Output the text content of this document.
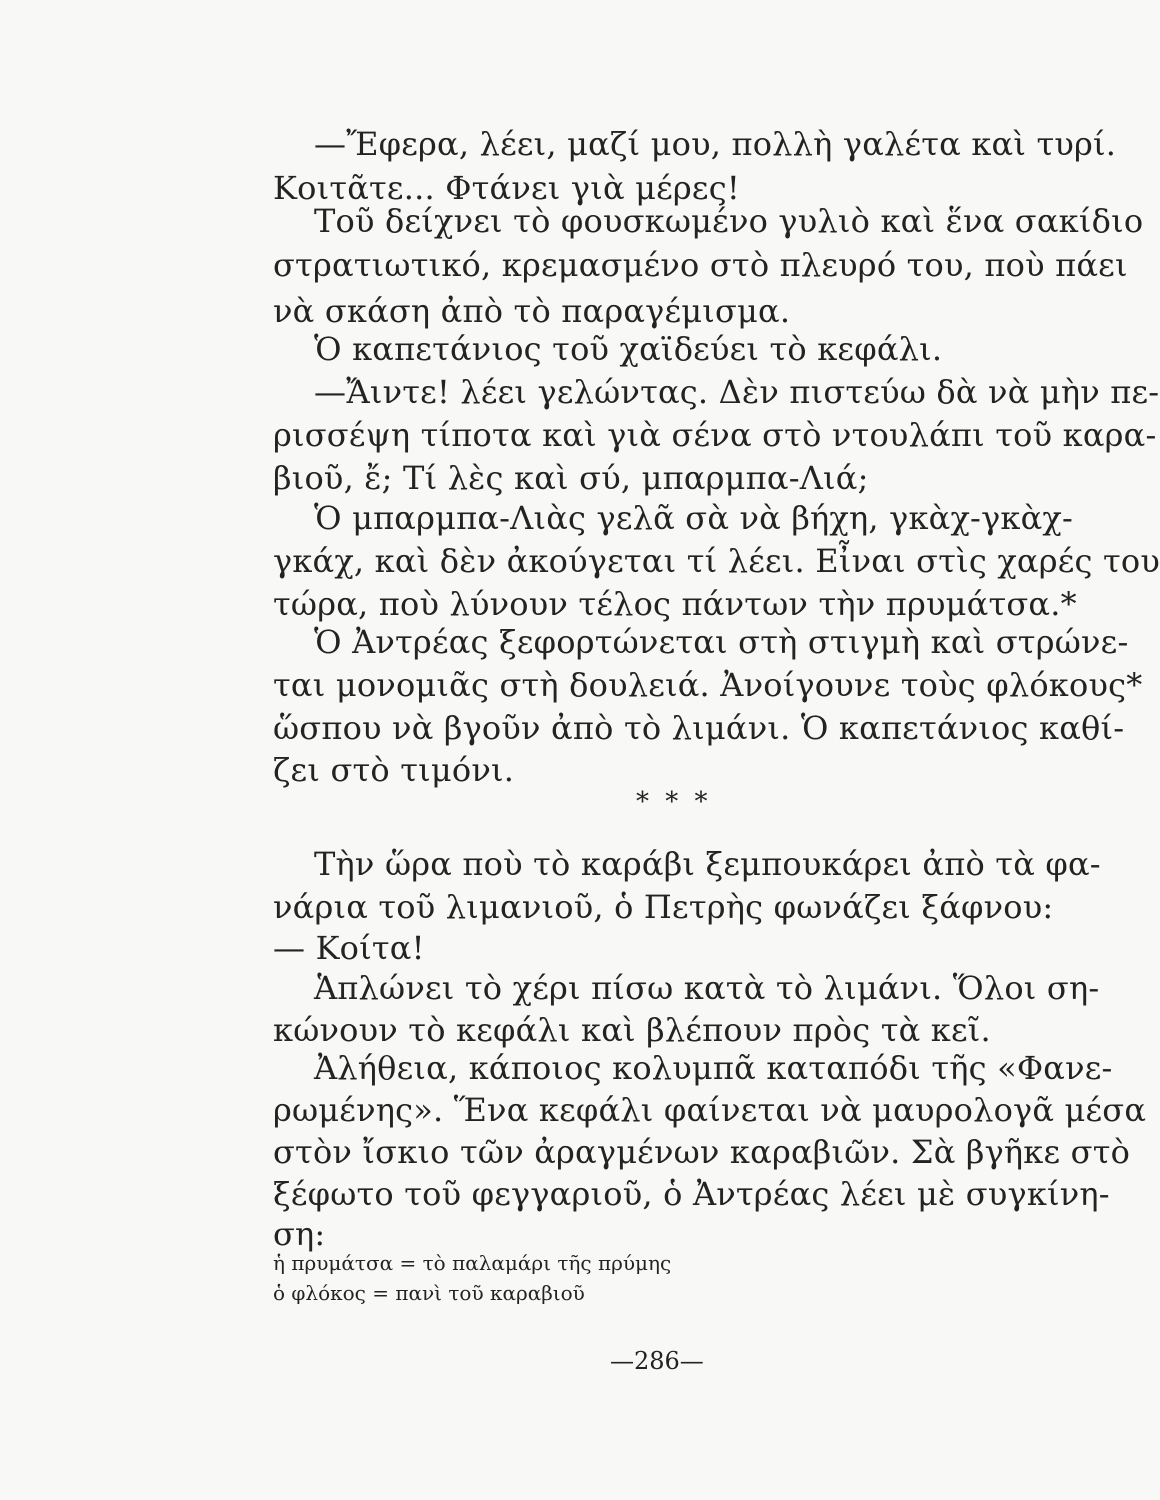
—Ἔφερα, λέει, μαζί μου, πολλὴ γαλέτα καὶ τυρί.
Κοιτᾶτε... Φτάνει γιὰ μέρες!
Τοῦ δείχνει τὸ φουσκωμένο γυλιὸ καὶ ἕνα σακίδιο
στρατιωτικό, κρεμασμένο στὸ πλευρό του, ποὺ πάει
νὰ σκάση ἀπὸ τὸ παραγέμισμα.
Ὁ καπετάνιος τοῦ χαϊδεύει τὸ κεφάλι.
—Ἄιντε! λέει γελώντας. Δὲν πιστεύω δὰ νὰ μὴν πε-
ρισσέψη τίποτα καὶ γιὰ σένα στὸ ντουλάπι τοῦ καρα-
βιοῦ, ἔ; Τί λὲς καὶ σύ, μπαρμπα-Λιά;
Ὁ μπαρμπα-Λιὰς γελᾶ σὰ νὰ βήχη, γκὰχ-γκὰχ-
γκάχ, καὶ δὲν ἀκούγεται τί λέει. Εἶναι στὶς χαρές του
τώρα, ποὺ λύνουν τέλος πάντων τὴν πρυμάτσα.*
Ὁ Ἀντρέας ξεφορτώνεται στὴ στιγμὴ καὶ στρώνε-
ται μονομιᾶς στὴ δουλειά. Ἀνοίγουνε τοὺς φλόκους*
ὥσπου νὰ βγοῦν ἀπὸ τὸ λιμάνι. Ὁ καπετάνιος καθί-
ζει στὸ τιμόνι.
* * *
Τὴν ὥρα ποὺ τὸ καράβι ξεμπουκάρει ἀπὸ τὰ φα-
νάρια τοῦ λιμανιοῦ, ὁ Πετρὴς φωνάζει ξάφνου:
— Κοίτα!
Ἁπλώνει τὸ χέρι πίσω κατὰ τὸ λιμάνι. Ὅλοι ση-
κώνουν τὸ κεφάλι καὶ βλέπουν πρὸς τὰ κεῖ.
Ἀλήθεια, κάποιος κολυμπᾶ καταπόδι τῆς «Φανε-
ρωμένης». Ἕνα κεφάλι φαίνεται νὰ μαυρολογᾶ μέσα
στὸν ἴσκιο τῶν ἀραγμένων καραβιῶν. Σὰ βγῆκε στὸ
ξέφωτο τοῦ φεγγαριοῦ, ὁ Ἀντρέας λέει μὲ συγκίνη-
ση:
ἡ πρυμάτσα = τὸ παλαμάρι τῆς πρύμης
ὁ φλόκος = πανὶ τοῦ καραβιοῦ
—286—
